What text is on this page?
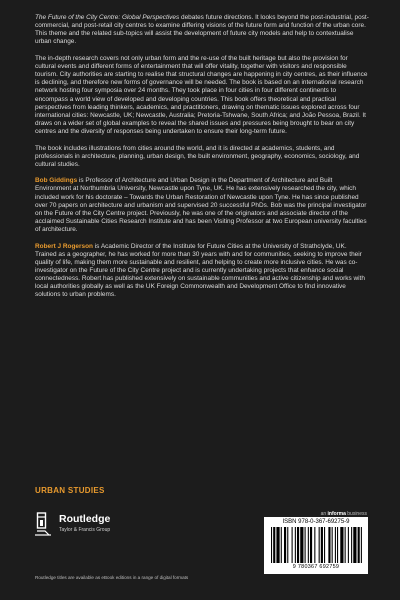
The Future of the City Centre: Global Perspectives debates future directions. It looks beyond the post-industrial, post-commercial, and post-retail city centres to examine differing visions of the future form and function of the urban core. This theme and the related sub-topics will assist the development of future city models and help to contextualise urban change.

The in-depth research covers not only urban form and the re-use of the built heritage but also the provision for cultural events and different forms of entertainment that will offer vitality, together with visitors and responsible tourism. City authorities are starting to realise that structural changes are happening in city centres, as their influence is declining, and therefore new forms of governance will be needed. The book is based on an international research network hosting four symposia over 24 months. They took place in four cities in four different continents to encompass a world view of developed and developing countries. This book offers theoretical and practical perspectives from leading thinkers, academics, and practitioners, drawing on thematic issues explored across four international cities: Newcastle, UK; Newcastle, Australia; Pretoria-Tshwane, South Africa; and João Pessoa, Brazil. It draws on a wider set of global examples to reveal the shared issues and pressures being brought to bear on city centres and the diversity of responses being undertaken to ensure their long-term future.

The book includes illustrations from cities around the world, and it is directed at academics, students, and professionals in architecture, planning, urban design, the built environment, geography, economics, sociology, and cultural studies.

Bob Giddings is Professor of Architecture and Urban Design in the Department of Architecture and Built Environment at Northumbria University, Newcastle upon Tyne, UK. He has extensively researched the city, which included work for his doctorate – Towards the Urban Restoration of Newcastle upon Tyne. He has since published over 70 papers on architecture and urbanism and supervised 20 successful PhDs. Bob was the principal investigator on the Future of the City Centre project. Previously, he was one of the originators and associate director of the acclaimed Sustainable Cities Research Institute and has been Visiting Professor at two European university faculties of architecture.

Robert J Rogerson is Academic Director of the Institute for Future Cities at the University of Strathclyde, UK. Trained as a geographer, he has worked for more than 30 years with and for communities, seeking to improve their quality of life, making them more sustainable and resilient, and helping to create more inclusive cities. He was co-investigator on the Future of the City Centre project and is currently undertaking projects that enhance social connectedness. Robert has published extensively on sustainable communities and active citizenship and works with local authorities globally as well as the UK Foreign Commonwealth and Development Office to find innovative solutions to urban problems.

URBAN STUDIES
Routledge
Taylor & Francis Group
an informa business
ISBN 978-0-367-69275-9
9 780367 692759
Routledge titles are available as eBook editions in a range of digital formats
